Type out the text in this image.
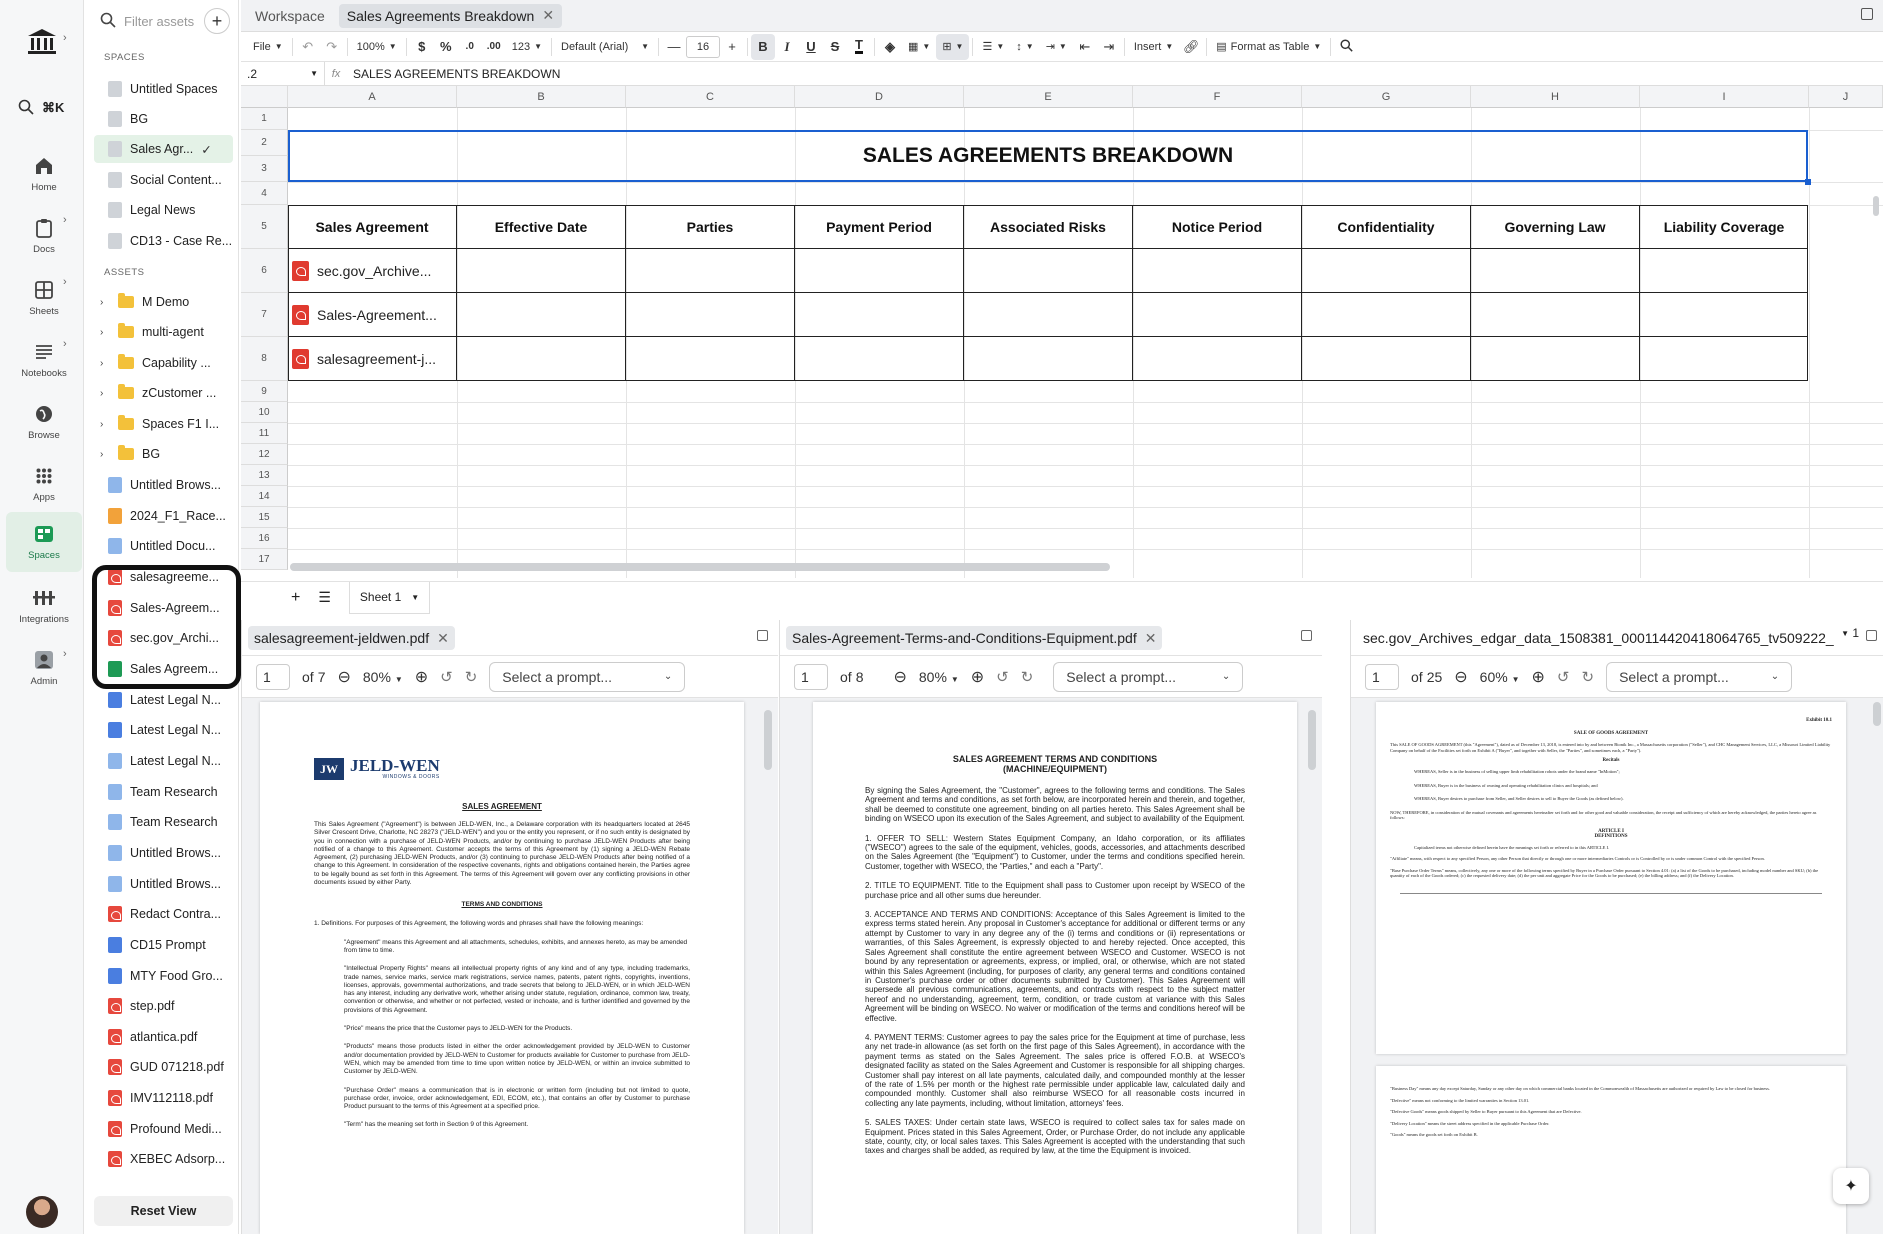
›
⌘K
Home
Docs
›
Sheets
›
Notebooks
›
Browse
Apps
Spaces
Integrations
Admin
›
Filter assets +
SPACES
Untitled Spaces
BG
Sales Agr... ✓
Social Content...
Legal News
CD13 - Case Re...
ASSETS
›	M Demo
›	multi-agent
›	Capability ...
›	zCustomer ...
›	Spaces F1 I...
›	BG
Untitled Brows...
2024_F1_Race...
Untitled Docu...
salesagreeme...
Sales-Agreem...
sec.gov_Archi...
Sales Agreem...
Latest Legal N...
Latest Legal N...
Latest Legal N...
Team Research
Team Research
Untitled Brows...
Untitled Brows...
Redact Contra...
CD15 Prompt
MTY Food Gro...
step.pdf
atlantica.pdf
GUD 071218.pdf
IMV112118.pdf
Profound Medi...
XEBEC Adsorp...
Reset View
Workspace Sales Agreements Breakdown ✕
File ▼ ↶ ↷ 100% ▼	$	%	.0	.00	123 ▼ Default (Arial) ▼ —	16	+ B I U S T ◈ ▦ ▼ ⊞ ▼ ☰ ▼ ↕ ▼ ⇥ ▼ ⇤ ⇥ Insert ▼ 🔗︎ ▤ Format as Table ▼
.2	▼	fx	SALES AGREEMENTS BREAKDOWN
A	B	C	D	E	F	G	H	I	J
1
2
3
4
5
6
7
8
9
10
11
12
13
14
15
16
17
SALES AGREEMENTS BREAKDOWN
Sales Agreement	Effective Date	Parties	Payment Period	Associated Risks	Notice Period	Confidentiality	Governing Law	Liability Coverage
sec.gov_Archive...
Sales-Agreement...
salesagreement-j...
+ ☰ Sheet 1 ▼
salesagreement-jeldwen.pdf ✕
1	of 7 ⊖ 80% ▼ ⊕ ↺ ↻ Select a prompt...	⌄
JW JELD-WEN
WINDOWS & DOORS
SALES AGREEMENT
This Sales Agreement ("Agreement") is between JELD-WEN, Inc., a Delaware corporation with its headquarters located at 2645 Silver Crescent Drive, Charlotte, NC 28273 ("JELD-WEN") and you or the entity you represent, or if no such entity is designated by you in connection with a purchase of JELD-WEN Products, and/or by continuing to purchase JELD-WEN Products after being notified of a change to this Agreement. Customer accepts the terms of this Agreement by (1) signing a JELD-WEN Rebate Agreement, (2) purchasing JELD-WEN Products, and/or (3) continuing to purchase JELD-WEN Products after being notified of a change to this Agreement. In consideration of the respective covenants, rights and obligations contained herein, the Parties agree to be legally bound as set forth in this Agreement. The terms of this Agreement will govern over any conflicting provisions in other documents issued by either Party.
TERMS AND CONDITIONS
1. Definitions. For purposes of this Agreement, the following words and phrases shall have the following meanings:
"Agreement" means this Agreement and all attachments, schedules, exhibits, and annexes hereto, as may be amended from time to time.
"Intellectual Property Rights" means all intellectual property rights of any kind and of any type, including trademarks, trade names, service marks, service mark registrations, service names, patents, patent rights, copyrights, inventions, licenses, approvals, governmental authorizations, and trade secrets that belong to JELD-WEN, or in which JELD-WEN has any interest, including any derivative work, whether arising under statute, regulation, ordinance, common law, treaty, convention or otherwise, and whether or not perfected, vested or inchoate, and is further identified and governed by the provisions of this Agreement.
"Price" means the price that the Customer pays to JELD-WEN for the Products.
"Products" means those products listed in either the order acknowledgement provided by JELD-WEN to Customer and/or documentation provided by JELD-WEN to Customer for products available for Customer to purchase from JELD-WEN, which may be amended from time to time upon written notice by JELD-WEN, or within an invoice submitted to Customer by JELD-WEN.
"Purchase Order" means a communication that is in electronic or written form (including but not limited to quote, purchase order, invoice, order acknowledgement, EDI, ECOM, etc.), that contains an offer by Customer to purchase Product pursuant to the terms of this Agreement at a specified price.
"Term" has the meaning set forth in Section 9 of this Agreement.
Sales-Agreement-Terms-and-Conditions-Equipment.pdf ✕
1	of 8 ⊖ 80% ▼ ⊕ ↺ ↻ Select a prompt...	⌄
SALES AGREEMENT TERMS AND CONDITIONS
(MACHINE/EQUIPMENT)
By signing the Sales Agreement, the "Customer", agrees to the following terms and conditions. The Sales Agreement and terms and conditions, as set forth below, are incorporated herein and therein, and together, shall be deemed to constitute one agreement, binding on all parties hereto. This Sales Agreement shall be binding on WSECO upon its execution of the Sales Agreement, and subject to availability of the Equipment.
1. OFFER TO SELL: Western States Equipment Company, an Idaho corporation, or its affiliates ("WSECO") agrees to the sale of the equipment, vehicles, goods, accessories, and attachments described on the Sales Agreement (the "Equipment") to Customer, under the terms and conditions specified herein. Customer, together with WSECO, the "Parties," and each a "Party".
2. TITLE TO EQUIPMENT. Title to the Equipment shall pass to Customer upon receipt by WSECO of the purchase price and all other sums due hereunder.
3. ACCEPTANCE AND TERMS AND CONDITIONS: Acceptance of this Sales Agreement is limited to the express terms stated herein. Any proposal in Customer's acceptance for additional or different terms or any attempt by Customer to vary in any degree any of the (i) terms and conditions or (ii) representations or warranties, of this Sales Agreement, is expressly objected to and hereby rejected. Once accepted, this Sales Agreement shall constitute the entire agreement between WSECO and Customer. WSECO is not bound by any representation or agreements, express, or implied, oral, or otherwise, which are not stated within this Sales Agreement (including, for purposes of clarity, any general terms and conditions contained in Customer's purchase order or other documents submitted by Customer). This Sales Agreement will supersede all previous communications, agreements, and contracts with respect to the subject matter hereof and no understanding, agreement, term, condition, or trade custom at variance with this Sales Agreement will be binding on WSECO. No waiver or modification of the terms and conditions hereof will be effective.
4. PAYMENT TERMS: Customer agrees to pay the sales price for the Equipment at time of purchase, less any net trade-in allowance (as set forth on the first page of this Sales Agreement), in accordance with the payment terms as stated on the Sales Agreement. The sales price is offered F.O.B. at WSECO's designated facility as stated on the Sales Agreement and Customer is responsible for all shipping charges. Customer shall pay interest on all late payments, calculated daily, and compounded monthly at the lesser of the rate of 1.5% per month or the highest rate permissible under applicable law, calculated daily and compounded monthly. Customer shall also reimburse WSECO for all reasonable costs incurred in collecting any late payments, including, without limitation, attorneys' fees.
5. SALES TAXES: Under certain state laws, WSECO is required to collect sales tax for sales made on Equipment. Prices stated in this Sales Agreement, Order, or Purchase Order, do not include any applicable state, county, city, or local sales taxes. This Sales Agreement is accepted with the understanding that such taxes and charges shall be added, as required by law, at the time the Equipment is invoiced.
sec.gov_Archives_edgar_data_1508381_000114420418064765_tv509222_ ▼ 1
1	of 25 ⊖ 60% ▼ ⊕ ↺ ↻ Select a prompt...	⌄
Exhibit 10.1
SALE OF GOODS AGREEMENT
This SALE OF GOODS AGREEMENT (this "Agreement"), dated as of December 13, 2018, is entered into by and between Bionik Inc., a Massachusetts corporation ("Seller"), and CHC Management Services, LLC, a Missouri Limited Liability Company on behalf of the Facilities set forth on Exhibit A ("Buyer", and together with Seller, the "Parties", and sometimes each, a "Party").
Recitals
WHEREAS, Seller is in the business of selling upper limb rehabilitation robots under the brand name "InMotion";
WHEREAS, Buyer is in the business of owning and operating rehabilitation clinics and hospitals; and
WHEREAS, Buyer desires to purchase from Seller, and Seller desires to sell to Buyer the Goods (as defined below).
NOW, THEREFORE, in consideration of the mutual covenants and agreements hereinafter set forth and for other good and valuable consideration, the receipt and sufficiency of which are hereby acknowledged, the parties hereto agree as follows:
ARTICLE I
DEFINITIONS
Capitalized terms not otherwise defined herein have the meanings set forth or referred to in this ARTICLE I.
"Affiliate" means, with respect to any specified Person, any other Person that directly or through one or more intermediaries Controls or is Controlled by or is under common Control with the specified Person.
"Base Purchase Order Terms" means, collectively, any one or more of the following terms specified by Buyer in a Purchase Order pursuant to Section 4.01: (a) a list of the Goods to be purchased, including model number and SKU; (b) the quantity of each of the Goods ordered; (c) the requested delivery date; (d) the per unit and aggregate Price for the Goods to be purchased; (e) the billing address; and (f) the Delivery Location.
"Business Day" means any day except Saturday, Sunday or any other day on which commercial banks located in the Commonwealth of Massachusetts are authorized or required by Law to be closed for business.
"Defective" means not conforming to the limited warranties in Section 13.01.
"Defective Goods" means goods shipped by Seller to Buyer pursuant to this Agreement that are Defective.
"Delivery Location" means the street address specified in the applicable Purchase Order.
"Goods" means the goods set forth on Exhibit B.
✦
